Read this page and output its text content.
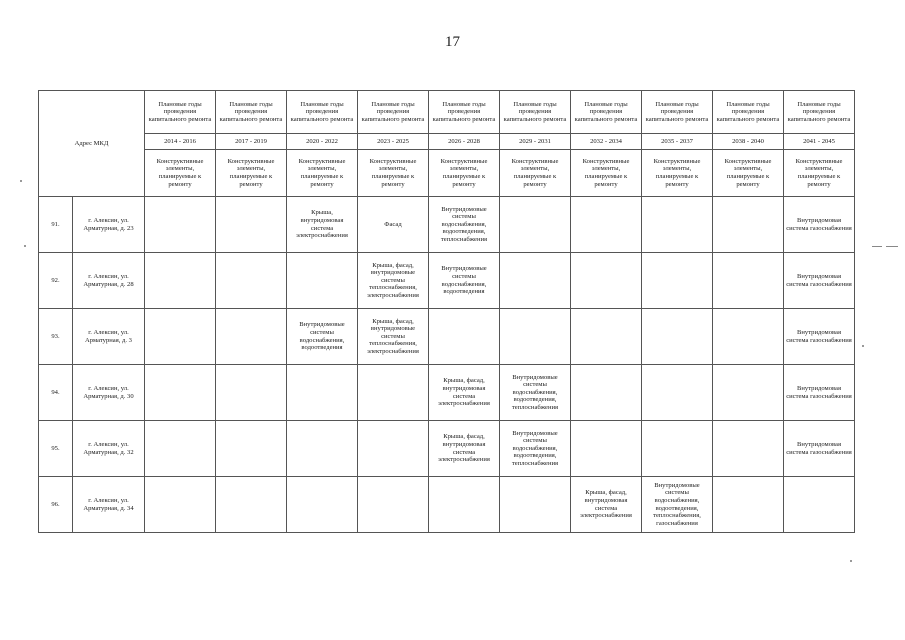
17
Адрес МКД		Плановые годы проведения капитального ремонта	Плановые годы проведения капитального ремонта	Плановые годы проведения капитального ремонта	Плановые годы проведения капитального ремонта	Плановые годы проведения капитального ремонта	Плановые годы проведения капитального ремонта	Плановые годы проведения капитального ремонта	Плановые годы проведения капитального ремонта	Плановые годы проведения капитального ремонта	Плановые годы проведения капитального ремонта
		2014 - 2016	2017 - 2019	2020 - 2022	2023 - 2025	2026 - 2028	2029 - 2031	2032 - 2034	2035 - 2037	2038 - 2040	2041 - 2045
		Конструктивные элементы, планируемые к ремонту	Конструктивные элементы, планируемые к ремонту	Конструктивные элементы, планируемые к ремонту	Конструктивные элементы, планируемые к ремонту	Конструктивные элементы, планируемые к ремонту	Конструктивные элементы, планируемые к ремонту	Конструктивные элементы, планируемые к ремонту	Конструктивные элементы, планируемые к ремонту	Конструктивные элементы, планируемые к ремонту	Конструктивные элементы, планируемые к ремонту
91.	г. Алексин, ул. Арматурная, д. 23			Крыша, внутридомовая система электроснабжения	Фасад	Внутридомовые системы водоснабжения, водоотведения, теплоснабжения					Внутридомовая система газоснабжения
92.	г. Алексин, ул. Арматурная, д. 28				Крыша, фасад, внутридомовые системы теплоснабжения, электроснабжения	Внутридомовые системы водоснабжения, водоотведения					Внутридомовая система газоснабжения
93.	г. Алексин, ул. Арматурная, д. 3			Внутридомовые системы водоснабжения, водоотведения	Крыша, фасад, внутридомовые системы теплоснабжения, электроснабжения						Внутридомовая система газоснабжения
94.	г. Алексин, ул. Арматурная, д. 30					Крыша, фасад, внутридомовая система электроснабжения	Внутридомовые системы водоснабжения, водоотведения, теплоснабжения				Внутридомовая система газоснабжения
95.	г. Алексин, ул. Арматурная, д. 32					Крыша, фасад, внутридомовая система электроснабжения	Внутридомовые системы водоснабжения, водоотведения, теплоснабжения				Внутридомовая система газоснабжения
96.	г. Алексин, ул. Арматурная, д. 34							Крыша, фасад, внутридомовая система электроснабжения	Внутридомовые системы водоснабжения, водоотведения, теплоснабжения, газоснабжения		
